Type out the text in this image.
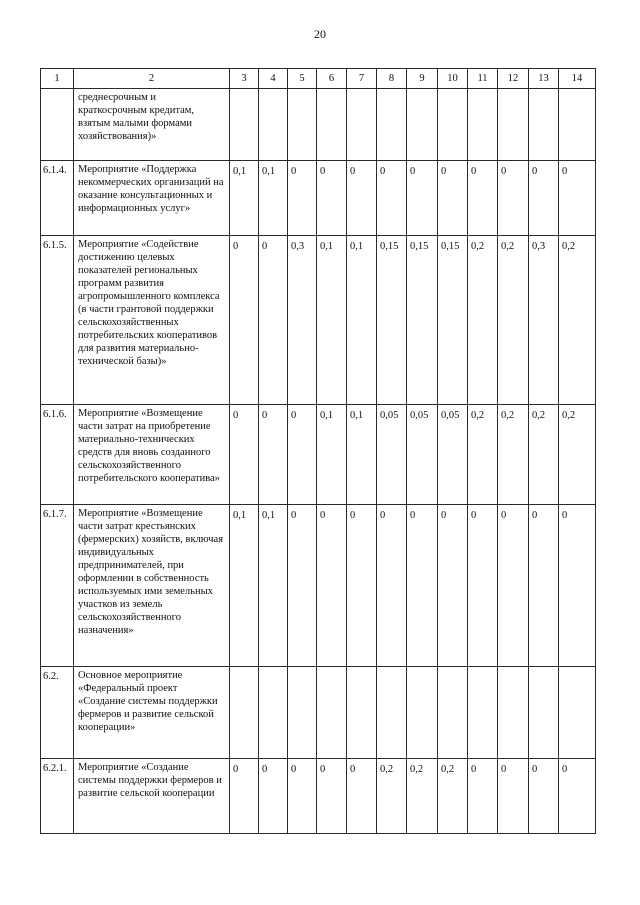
20
1	2	3	4	5	6	7	8	9	10	11	12	13	14
	среднесрочным и краткосрочным кредитам, взятым малыми формами хозяйствования)»												
6.1.4.	Мероприятие «Поддержка некоммерческих организаций на оказание консультационных и информационных услуг»	0,1	0,1	0	0	0	0	0	0	0	0	0	0
6.1.5.	Мероприятие «Содействие достижению целевых показателей региональных программ развития агропромышленного комплекса (в части грантовой поддержки сельскохозяйственных потребительских кооперативов для развития материально-технической базы)»	0	0	0,3	0,1	0,1	0,15	0,15	0,15	0,2	0,2	0,3	0,2
6.1.6.	Мероприятие «Возмещение части затрат на приобретение материально-технических средств для вновь созданного сельскохозяйственного потребительского кооператива»	0	0	0	0,1	0,1	0,05	0,05	0,05	0,2	0,2	0,2	0,2
6.1.7.	Мероприятие «Возмещение части затрат крестьянских (фермерских) хозяйств, включая индивидуальных предпринимателей, при оформлении в собственность используемых ими земельных участков из земель сельскохозяйственного назначения»	0,1	0,1	0	0	0	0	0	0	0	0	0	0
6.2.	Основное мероприятие «Федеральный проект «Создание системы поддержки фермеров и развитие сельской кооперации»												
6.2.1.	Мероприятие «Создание системы поддержки фермеров и развитие сельской кооперации	0	0	0	0	0	0,2	0,2	0,2	0	0	0	0
